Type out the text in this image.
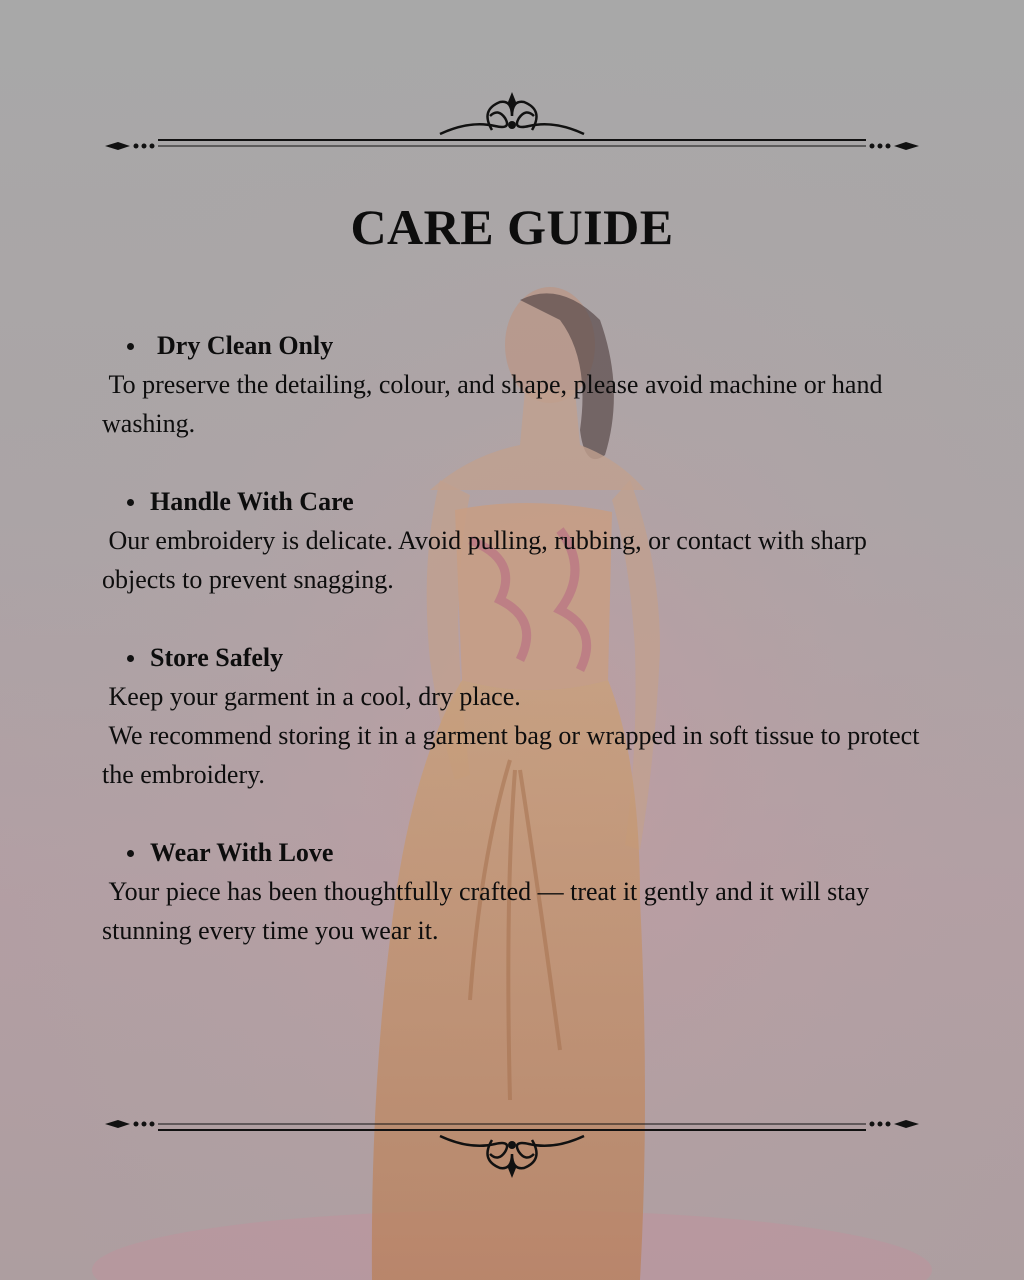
CARE GUIDE

Dry Clean Only

To preserve the detailing, colour, and shape, please avoid machine or hand washing.

Handle With Care

Our embroidery is delicate. Avoid pulling, rubbing, or contact with sharp objects to prevent snagging.

Store Safely

Keep your garment in a cool, dry place.
We recommend storing it in a garment bag or wrapped in soft tissue to protect the embroidery.

Wear With Love

Your piece has been thoughtfully crafted — treat it gently and it will stay stunning every time you wear it.
